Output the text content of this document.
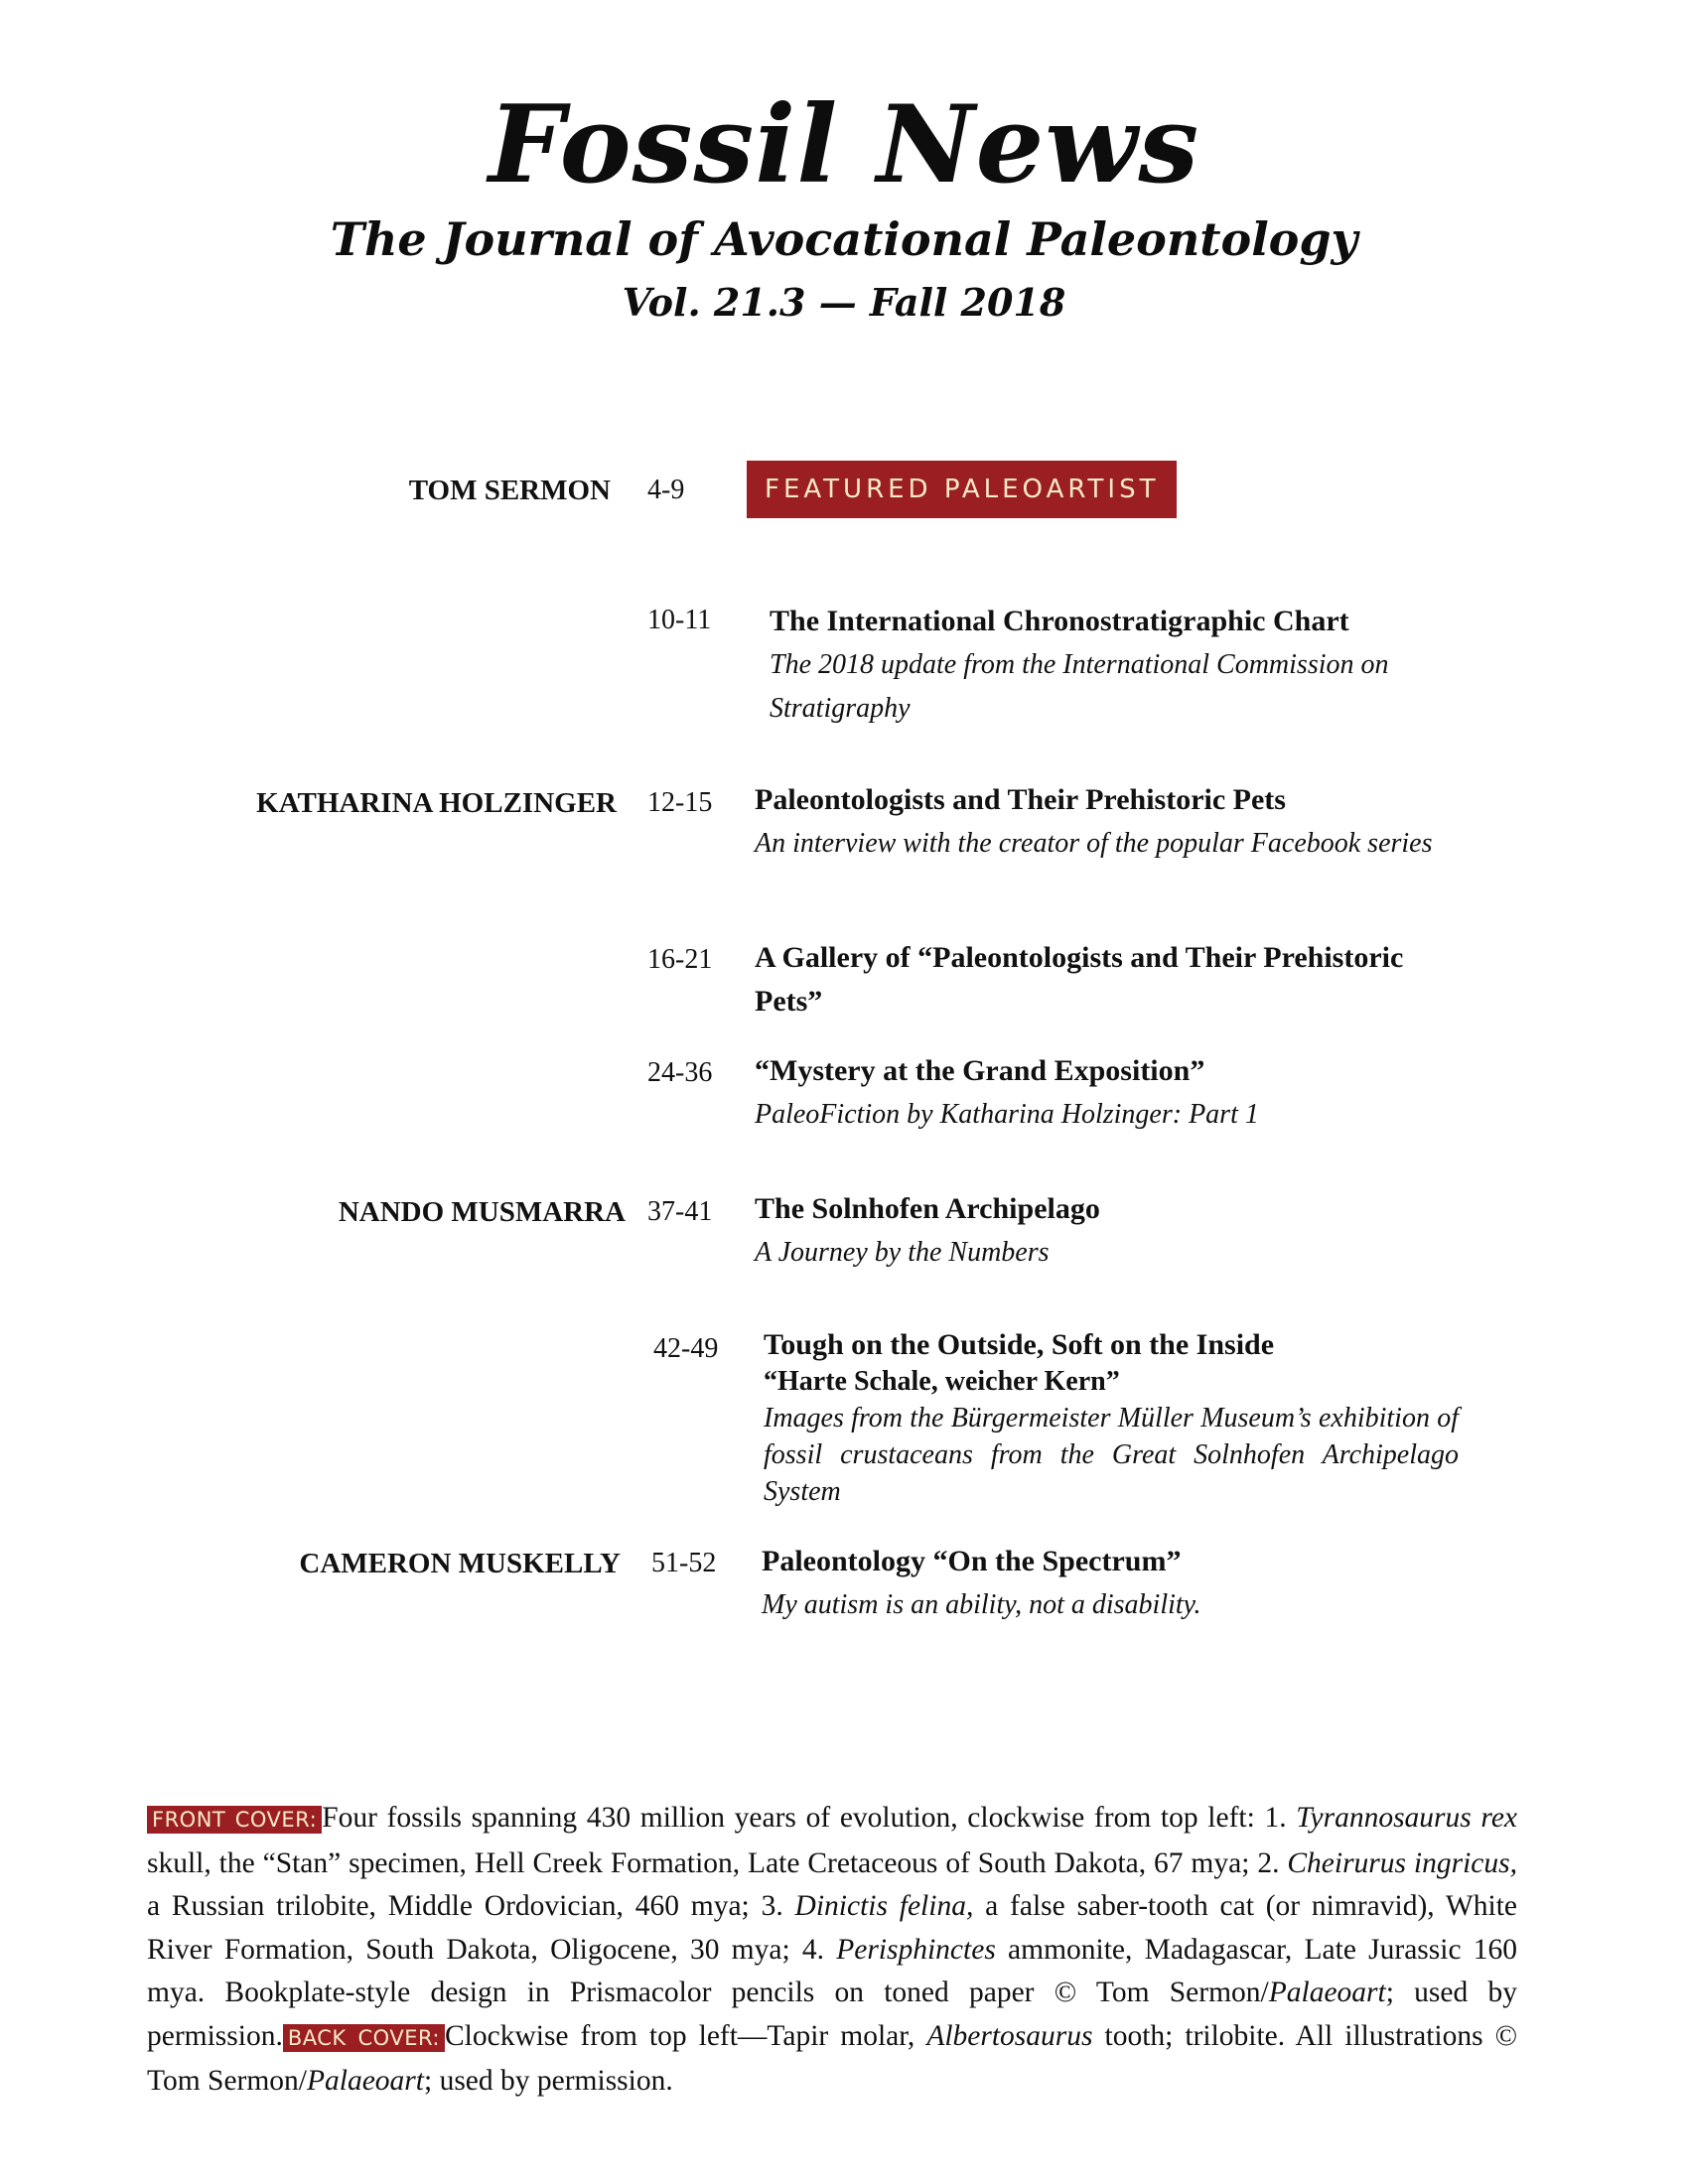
Fossil News
The Journal of Avocational Paleontology
Vol. 21.3 — Fall 2018
TOM SERMON 4-9	FEATURED PALEOARTIST
10-11 The International Chronostratigraphic Chart
The 2018 update from the International Commission on Stratigraphy
KATHARINA HOLZINGER 12-15 Paleontologists and Their Prehistoric Pets
An interview with the creator of the popular Facebook series
16-21 A Gallery of “Paleontologists and Their Prehistoric Pets”
24-36 “Mystery at the Grand Exposition”
PaleoFiction by Katharina Holzinger: Part 1
NANDO MUSMARRA 37-41 The Solnhofen Archipelago
A Journey by the Numbers
42-49 Tough on the Outside, Soft on the Inside
“Harte Schale, weicher Kern”
Images from the Bürgermeister Müller Museum’s exhibition of fossil crustaceans from the Great Solnhofen Archipelago System
CAMERON MUSKELLY 51-52 Paleontology “On the Spectrum”
My autism is an ability, not a disability.
FRONT COVER: Four fossils spanning 430 million years of evolution, clockwise from top left: 1. Tyrannosaurus rex skull, the “Stan” specimen, Hell Creek Formation, Late Cretaceous of South Dakota, 67 mya; 2. Cheirurus ingricus, a Russian trilobite, Middle Ordovician, 460 mya; 3. Dinictis felina, a false saber-tooth cat (or nimravid), White River Formation, South Dakota, Oligocene, 30 mya; 4. Perisphinctes ammonite, Madagascar, Late Jurassic 160 mya. Bookplate-style design in Prismacolor pencils on toned paper © Tom Sermon/Palaeoart; used by permission. BACK COVER: Clockwise from top left—Tapir molar, Albertosaurus tooth; trilobite. All illustrations © Tom Sermon/Palaeoart; used by permission.
